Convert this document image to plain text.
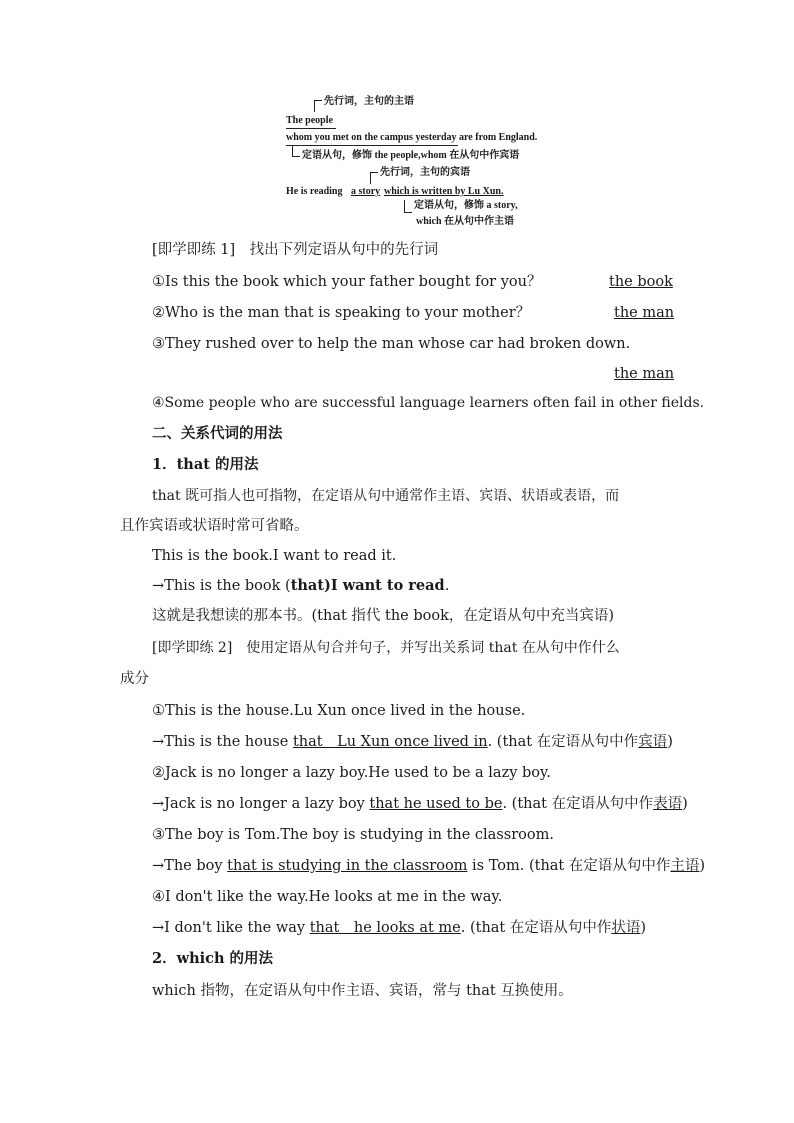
先行词，主句的主语
The people
whom you met on the campus yesterday are from England.
定语从句，修饰 the people,whom 在从句中作宾语
先行词，主句的宾语
He is reading a story which is written by Lu Xun.
定语从句，修饰 a story,
which 在从句中作主语
[即学即练 1]　找出下列定语从句中的先行词
①Is this the book which your father bought for you？	the book
②Who is the man that is speaking to your mother？	the man
③They rushed over to help the man whose car had broken down.
the man
④Some people who are successful language learners often fail in other fields.
二、关系代词的用法
1．that 的用法
that 既可指人也可指物，在定语从句中通常作主语、宾语、状语或表语，而
且作宾语或状语时常可省略。
This is the book.I want to read it.
→This is the book (that)I want to read.
这就是我想读的那本书。(that 指代 the book，在定语从句中充当宾语)
[即学即练 2]　使用定语从句合并句子，并写出关系词 that 在从句中作什么
成分
①This is the house.Lu Xun once lived in the house.
→This is the house that　Lu Xun once lived in. (that 在定语从句中作宾语)
②Jack is no longer a lazy boy.He used to be a lazy boy.
→Jack is no longer a lazy boy that he used to be. (that 在定语从句中作表语)
③The boy is Tom.The boy is studying in the classroom.
→The boy that is studying in the classroom is Tom. (that 在定语从句中作主语)
④I don't like the way.He looks at me in the way.
→I don't like the way that　he looks at me. (that 在定语从句中作状语)
2．which 的用法
which 指物，在定语从句中作主语、宾语，常与 that 互换使用。
